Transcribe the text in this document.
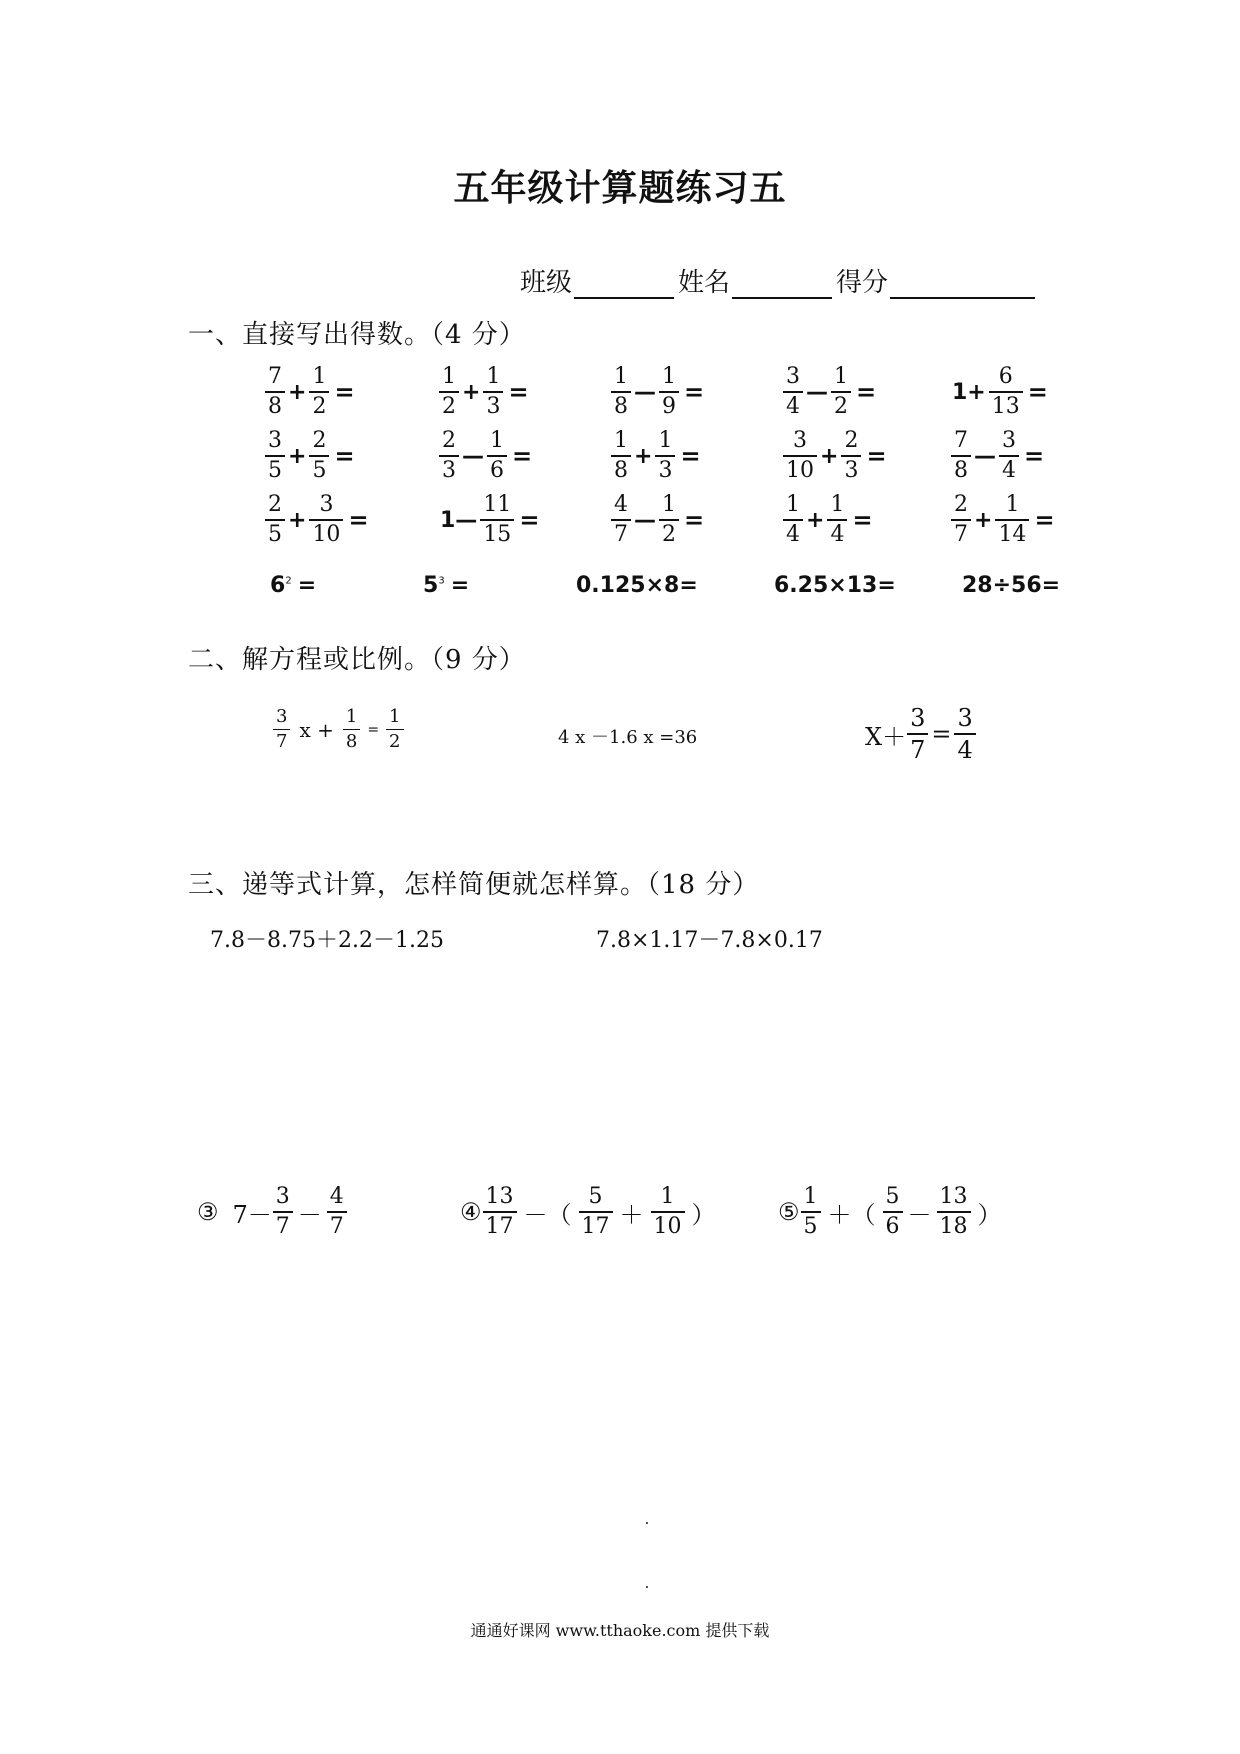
五年级计算题练习五
班级	姓名	得分
一、直接写出得数。（4 分）
$\frac{7}{8} + \frac{1}{2}$ =	$\frac{1}{2} + \frac{1}{3}$ =	$\frac{1}{8}$ — $\frac{1}{9}$ =	$\frac{3}{4}$ — $\frac{1}{2}$ =	$1+ \frac{6}{13}$ =
$\frac{3}{5} + \frac{2}{5}$ =	$\frac{2}{3}$ — $\frac{1}{6}$ =	$\frac{1}{8} + \frac{1}{3}$ =	$\frac{3}{10} + \frac{2}{3}$ =	$\frac{7}{8}$ — $\frac{3}{4}$ =
$\frac{2}{5} + \frac{3}{10}$ =	1— $\frac{11}{15}$ =	$\frac{4}{7}$ — $\frac{1}{2}$ =	$\frac{1}{4} + \frac{1}{4}$ =	$\frac{2}{7} + \frac{1}{14}$ =
$6^2$ =	$5^3$ =	0.125×8=	6.25×13=	28÷56=
二、解方程或比例。（9 分）
$\frac{3}{7}$ $x + \frac{1}{8} = \frac{1}{2}$	4 x －1.6 x =36	$X+ \frac{3}{7} = \frac{3}{4}$
三、递等式计算，怎样简便就怎样算。（18 分）
7.8－8.75＋2.2－1.25	7.8×1.17－7.8×0.17
③ $7- \frac{3}{7} - \frac{4}{7}$	④ $\frac{13}{17}$ －（ $\frac{5}{17} + \frac{1}{10}$ ）	⑤ $\frac{1}{5}$ ＋（ $\frac{5}{6} - \frac{13}{18}$ ）
通通好课网 www.tthaoke.com 提供下载
